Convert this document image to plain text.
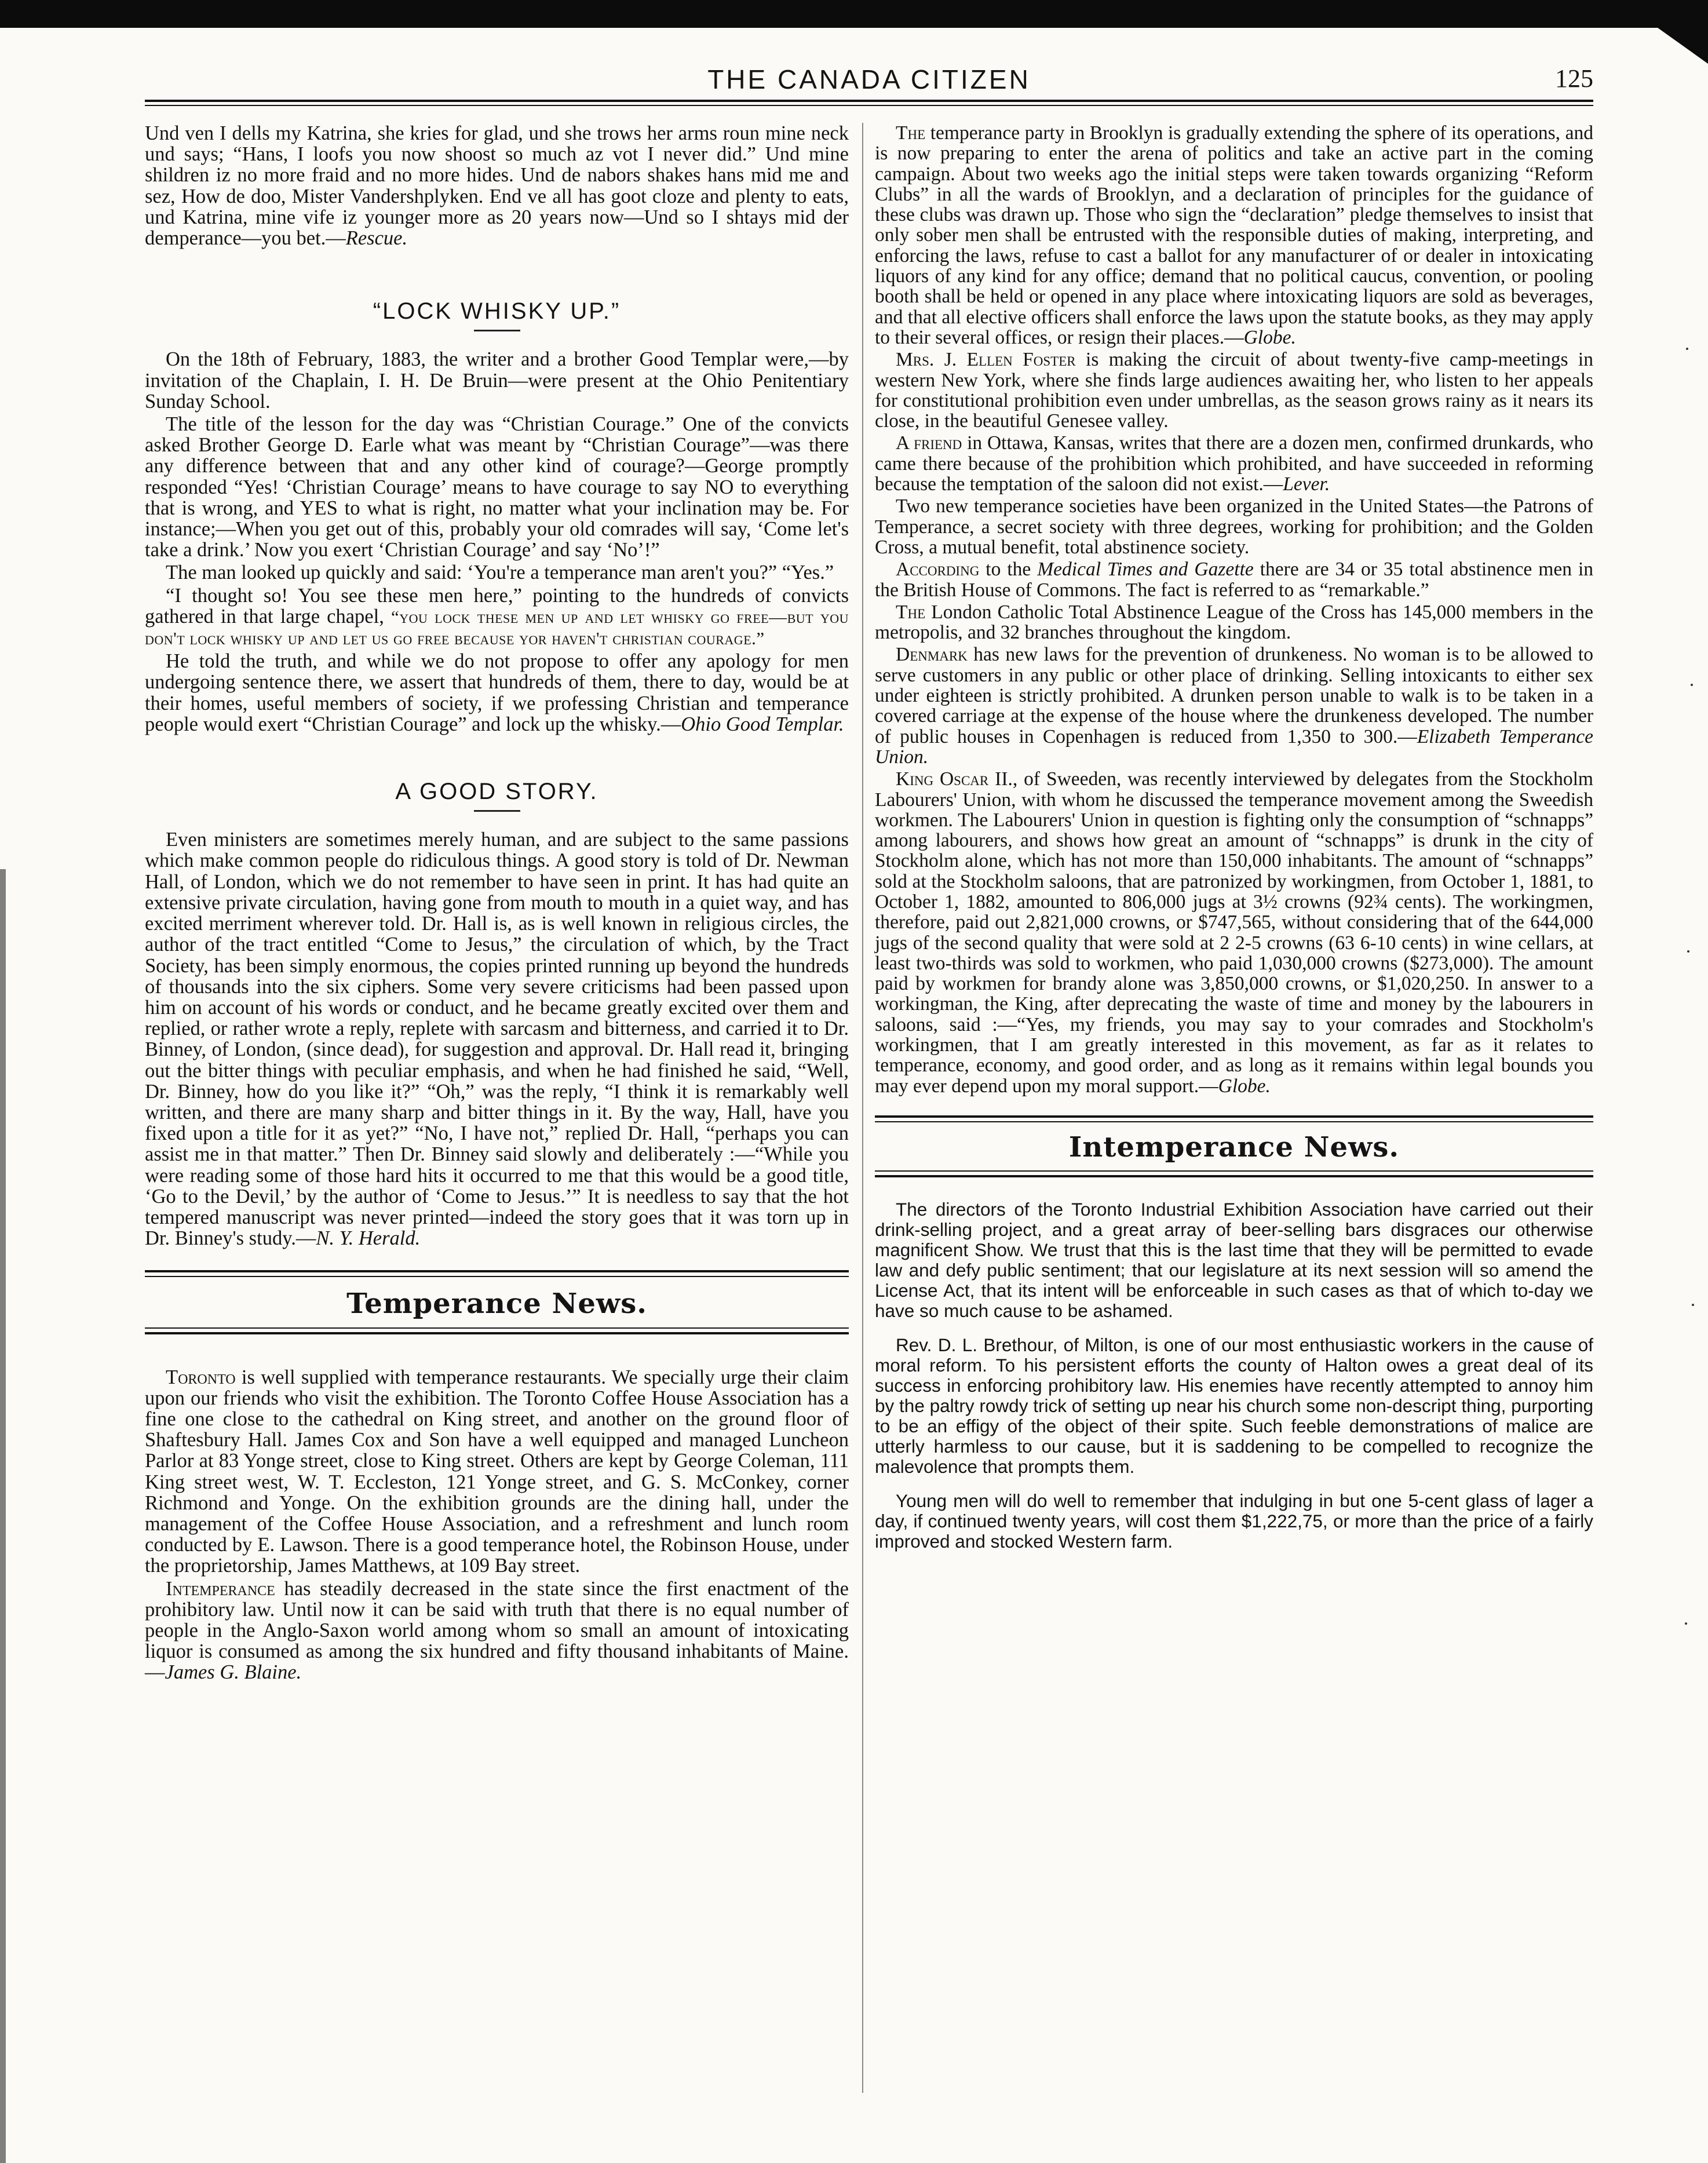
THE CANADA CITIZEN	125

Und ven I dells my Katrina, she kries for glad, und she trows her arms roun mine neck und says; “Hans, I loofs you now shoost so much az vot I never did.” Und mine shildren iz no more fraid and no more hides. Und de nabors shakes hans mid me and sez, How de doo, Mister Vandershplyken. End ve all has goot cloze and plenty to eats, und Katrina, mine vife iz younger more as 20 years now—Und so I shtays mid der demperance—you bet.—Rescue.

“LOCK WHISKY UP.”

On the 18th of February, 1883, the writer and a brother Good Templar were,—by invitation of the Chaplain, I. H. De Bruin—were present at the Ohio Penitentiary Sunday School.

The title of the lesson for the day was “Christian Courage.” One of the convicts asked Brother George D. Earle what was meant by “Christian Courage”—was there any difference between that and any other kind of courage?—George promptly responded “Yes! ‘Christian Courage’ means to have courage to say NO to everything that is wrong, and YES to what is right, no matter what your inclination may be. For instance;—When you get out of this, probably your old comrades will say, ‘Come let's take a drink.’ Now you exert ‘Christian Courage’ and say ‘No’!”

The man looked up quickly and said: ‘You're a temperance man aren't you?” “Yes.”

“I thought so! You see these men here,” pointing to the hundreds of convicts gathered in that large chapel, “you lock these men up and let whisky go free—but you don't lock whisky up and let us go free because yor haven't christian courage.”

He told the truth, and while we do not propose to offer any apology for men undergoing sentence there, we assert that hundreds of them, there to day, would be at their homes, useful members of society, if we professing Christian and temperance people would exert “Christian Courage” and lock up the whisky.—Ohio Good Templar.

A GOOD STORY.

Even ministers are sometimes merely human, and are subject to the same passions which make common people do ridiculous things. A good story is told of Dr. Newman Hall, of London, which we do not remember to have seen in print. It has had quite an extensive private circulation, having gone from mouth to mouth in a quiet way, and has excited merriment wherever told. Dr. Hall is, as is well known in religious circles, the author of the tract entitled “Come to Jesus,” the circulation of which, by the Tract Society, has been simply enormous, the copies printed running up beyond the hundreds of thousands into the six ciphers. Some very severe criticisms had been passed upon him on account of his words or conduct, and he became greatly excited over them and replied, or rather wrote a reply, replete with sarcasm and bitterness, and carried it to Dr. Binney, of London, (since dead), for suggestion and approval. Dr. Hall read it, bringing out the bitter things with peculiar emphasis, and when he had finished he said, “Well, Dr. Binney, how do you like it?” “Oh,” was the reply, “I think it is remarkably well written, and there are many sharp and bitter things in it. By the way, Hall, have you fixed upon a title for it as yet?” “No, I have not,” replied Dr. Hall, “perhaps you can assist me in that matter.” Then Dr. Binney said slowly and deliberately :—“While you were reading some of those hard hits it occurred to me that this would be a good title, ‘Go to the Devil,’ by the author of ‘Come to Jesus.’” It is needless to say that the hot tempered manuscript was never printed—indeed the story goes that it was torn up in Dr. Binney's study.—N. Y. Herald.

Temperance News.

Toronto is well supplied with temperance restaurants. We specially urge their claim upon our friends who visit the exhibition. The Toronto Coffee House Association has a fine one close to the cathedral on King street, and another on the ground floor of Shaftesbury Hall. James Cox and Son have a well equipped and managed Luncheon Parlor at 83 Yonge street, close to King street. Others are kept by George Coleman, 111 King street west, W. T. Eccleston, 121 Yonge street, and G. S. McConkey, corner Richmond and Yonge. On the exhibition grounds are the dining hall, under the management of the Coffee House Association, and a refreshment and lunch room conducted by E. Lawson. There is a good temperance hotel, the Robinson House, under the proprietorship, James Matthews, at 109 Bay street.

Intemperance has steadily decreased in the state since the first enactment of the prohibitory law. Until now it can be said with truth that there is no equal number of people in the Anglo-Saxon world among whom so small an amount of intoxicating liquor is consumed as among the six hundred and fifty thousand inhabitants of Maine.—James G. Blaine.

The temperance party in Brooklyn is gradually extending the sphere of its operations, and is now preparing to enter the arena of politics and take an active part in the coming campaign. About two weeks ago the initial steps were taken towards organizing “Reform Clubs” in all the wards of Brooklyn, and a declaration of principles for the guidance of these clubs was drawn up. Those who sign the “declaration” pledge themselves to insist that only sober men shall be entrusted with the responsible duties of making, interpreting, and enforcing the laws, refuse to cast a ballot for any manufacturer of or dealer in intoxicating liquors of any kind for any office; demand that no political caucus, convention, or pooling booth shall be held or opened in any place where intoxicating liquors are sold as beverages, and that all elective officers shall enforce the laws upon the statute books, as they may apply to their several offices, or resign their places.—Globe.

Mrs. J. Ellen Foster is making the circuit of about twenty-five camp-meetings in western New York, where she finds large audiences awaiting her, who listen to her appeals for constitutional prohibition even under umbrellas, as the season grows rainy as it nears its close, in the beautiful Genesee valley.

A friend in Ottawa, Kansas, writes that there are a dozen men, confirmed drunkards, who came there because of the prohibition which prohibited, and have succeeded in reforming because the temptation of the saloon did not exist.—Lever.

Two new temperance societies have been organized in the United States—the Patrons of Temperance, a secret society with three degrees, working for prohibition; and the Golden Cross, a mutual benefit, total abstinence society.

According to the Medical Times and Gazette there are 34 or 35 total abstinence men in the British House of Commons. The fact is referred to as “remarkable.”

The London Catholic Total Abstinence League of the Cross has 145,000 members in the metropolis, and 32 branches throughout the kingdom.

Denmark has new laws for the prevention of drunkeness. No woman is to be allowed to serve customers in any public or other place of drinking. Selling intoxicants to either sex under eighteen is strictly prohibited. A drunken person unable to walk is to be taken in a covered carriage at the expense of the house where the drunkeness developed. The number of public houses in Copenhagen is reduced from 1,350 to 300.—Elizabeth Temperance Union.

King Oscar II., of Sweeden, was recently interviewed by delegates from the Stockholm Labourers' Union, with whom he discussed the temperance movement among the Sweedish workmen. The Labourers' Union in question is fighting only the consumption of “schnapps” among labourers, and shows how great an amount of “schnapps” is drunk in the city of Stockholm alone, which has not more than 150,000 inhabitants. The amount of “schnapps” sold at the Stockholm saloons, that are patronized by workingmen, from October 1, 1881, to October 1, 1882, amounted to 806,000 jugs at 3½ crowns (92¾ cents). The workingmen, therefore, paid out 2,821,000 crowns, or $747,565, without considering that of the 644,000 jugs of the second quality that were sold at 2 2-5 crowns (63 6-10 cents) in wine cellars, at least two-thirds was sold to workmen, who paid 1,030,000 crowns ($273,000). The amount paid by workmen for brandy alone was 3,850,000 crowns, or $1,020,250. In answer to a workingman, the King, after deprecating the waste of time and money by the labourers in saloons, said :—“Yes, my friends, you may say to your comrades and Stockholm's workingmen, that I am greatly interested in this movement, as far as it relates to temperance, economy, and good order, and as long as it remains within legal bounds you may ever depend upon my moral support.—Globe.

Intemperance News.

The directors of the Toronto Industrial Exhibition Association have carried out their drink-selling project, and a great array of beer-selling bars disgraces our otherwise magnificent Show. We trust that this is the last time that they will be permitted to evade law and defy public sentiment; that our legislature at its next session will so amend the License Act, that its intent will be enforceable in such cases as that of which to-day we have so much cause to be ashamed.

Rev. D. L. Brethour, of Milton, is one of our most enthusiastic workers in the cause of moral reform. To his persistent efforts the county of Halton owes a great deal of its success in enforcing prohibitory law. His enemies have recently attempted to annoy him by the paltry rowdy trick of setting up near his church some non-descript thing, purporting to be an effigy of the object of their spite. Such feeble demonstrations of malice are utterly harmless to our cause, but it is saddening to be compelled to recognize the malevolence that prompts them.

Young men will do well to remember that indulging in but one 5-cent glass of lager a day, if continued twenty years, will cost them $1,222,75, or more than the price of a fairly improved and stocked Western farm.
